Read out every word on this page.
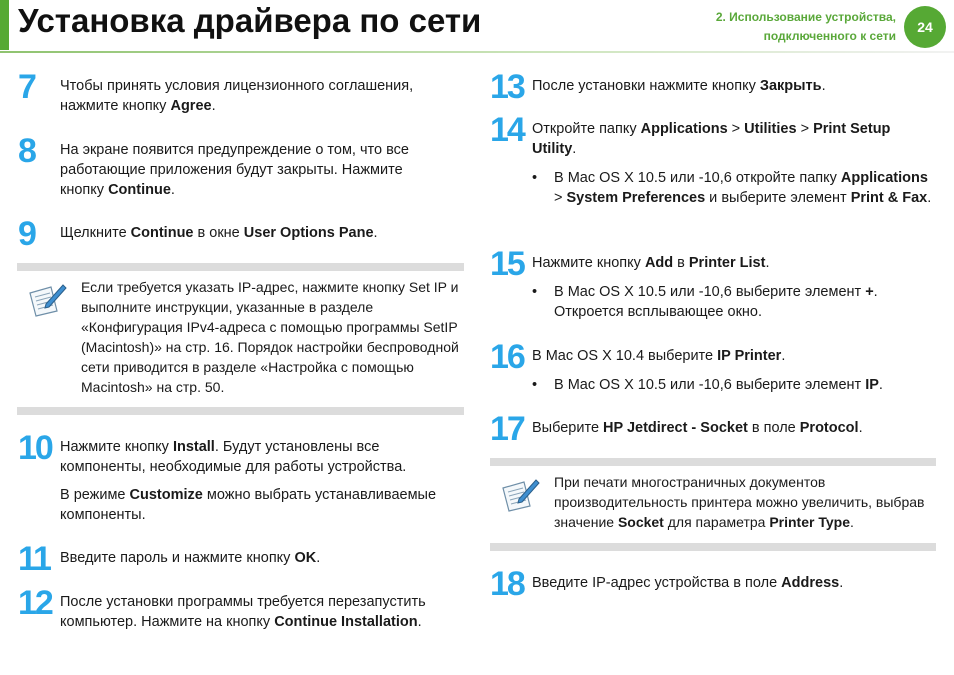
Установка драйвера по сети	2. Использование устройства,
подключенного к сети
24
7 Чтобы принять условия лицензионного соглашения, нажмите кнопку Agree.
8 На экране появится предупреждение о том, что все работающие приложения будут закрыты. Нажмите кнопку Continue.
9 Щелкните Continue в окне User Options Pane.
Если требуется указать IP-адрес, нажмите кнопку Set IP и выполните инструкции, указанные в разделе «Конфигурация IPv4-адреса с помощью программы SetIP (Macintosh)» на стр. 16. Порядок настройки беспроводной сети приводится в разделе «Настройка с помощью Macintosh» на стр. 50.
10 Нажмите кнопку Install. Будут установлены все компоненты, необходимые для работы устройства.
В режиме Customize можно выбрать устанавливаемые компоненты.
11 Введите пароль и нажмите кнопку OK.
12 После установки программы требуется перезапустить компьютер. Нажмите на кнопку Continue Installation.
13 После установки нажмите кнопку Закрыть.
14 Откройте папку Applications > Utilities > Print Setup Utility.
• В Mac OS X 10.5 или -10,6 откройте папку Applications > System Preferences и выберите элемент Print & Fax.
15 Нажмите кнопку Add в Printer List.
• В Mac OS X 10.5 или -10,6 выберите элемент +. Откроется всплывающее окно.
16 В Mac OS X 10.4 выберите IP Printer.
• В Mac OS X 10.5 или -10,6 выберите элемент IP.
17 Выберите HP Jetdirect - Socket в поле Protocol.
При печати многостраничных документов производительность принтера можно увеличить, выбрав значение Socket для параметра Printer Type.
18 Введите IP-адрес устройства в поле Address.
